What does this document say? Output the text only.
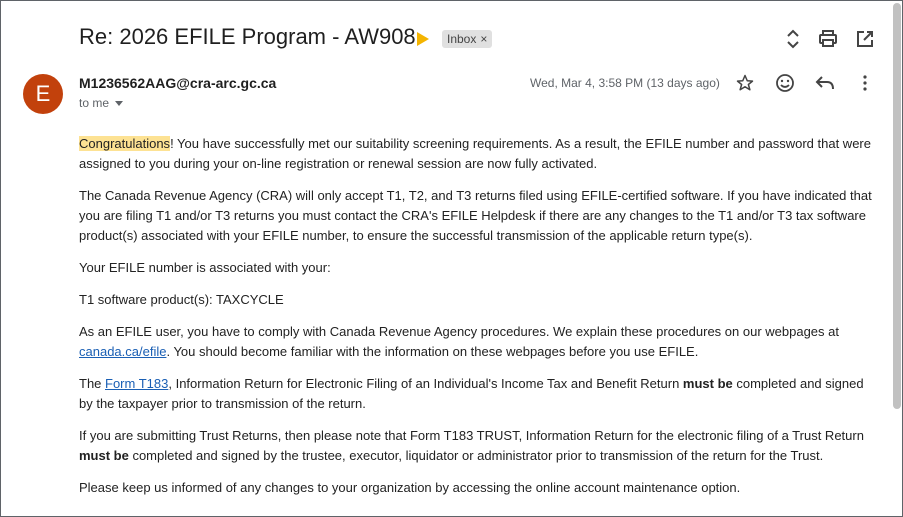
Re: 2026 EFILE Program - AW908	Inbox ×
E	M1236562AAG@cra-arc.gc.ca
to me
Wed, Mar 4, 3:58 PM (13 days ago)

Congratulations! You have successfully met our suitability screening requirements. As a result, the EFILE number and password that were assigned to you during your on-line registration or renewal session are now fully activated.

The Canada Revenue Agency (CRA) will only accept T1, T2, and T3 returns filed using EFILE-certified software. If you have indicated that you are filing T1 and/or T3 returns you must contact the CRA's EFILE Helpdesk if there are any changes to the T1 and/or T3 tax software product(s) associated with your EFILE number, to ensure the successful transmission of the applicable return type(s).

Your EFILE number is associated with your:

T1 software product(s): TAXCYCLE

As an EFILE user, you have to comply with Canada Revenue Agency procedures. We explain these procedures on our webpages at canada.ca/efile. You should become familiar with the information on these webpages before you use EFILE.

The Form T183, Information Return for Electronic Filing of an Individual's Income Tax and Benefit Return must be completed and signed by the taxpayer prior to transmission of the return.

If you are submitting Trust Returns, then please note that Form T183 TRUST, Information Return for the electronic filing of a Trust Return must be completed and signed by the trustee, executor, liquidator or administrator prior to transmission of the return for the Trust.

Please keep us informed of any changes to your organization by accessing the online account maintenance option.
